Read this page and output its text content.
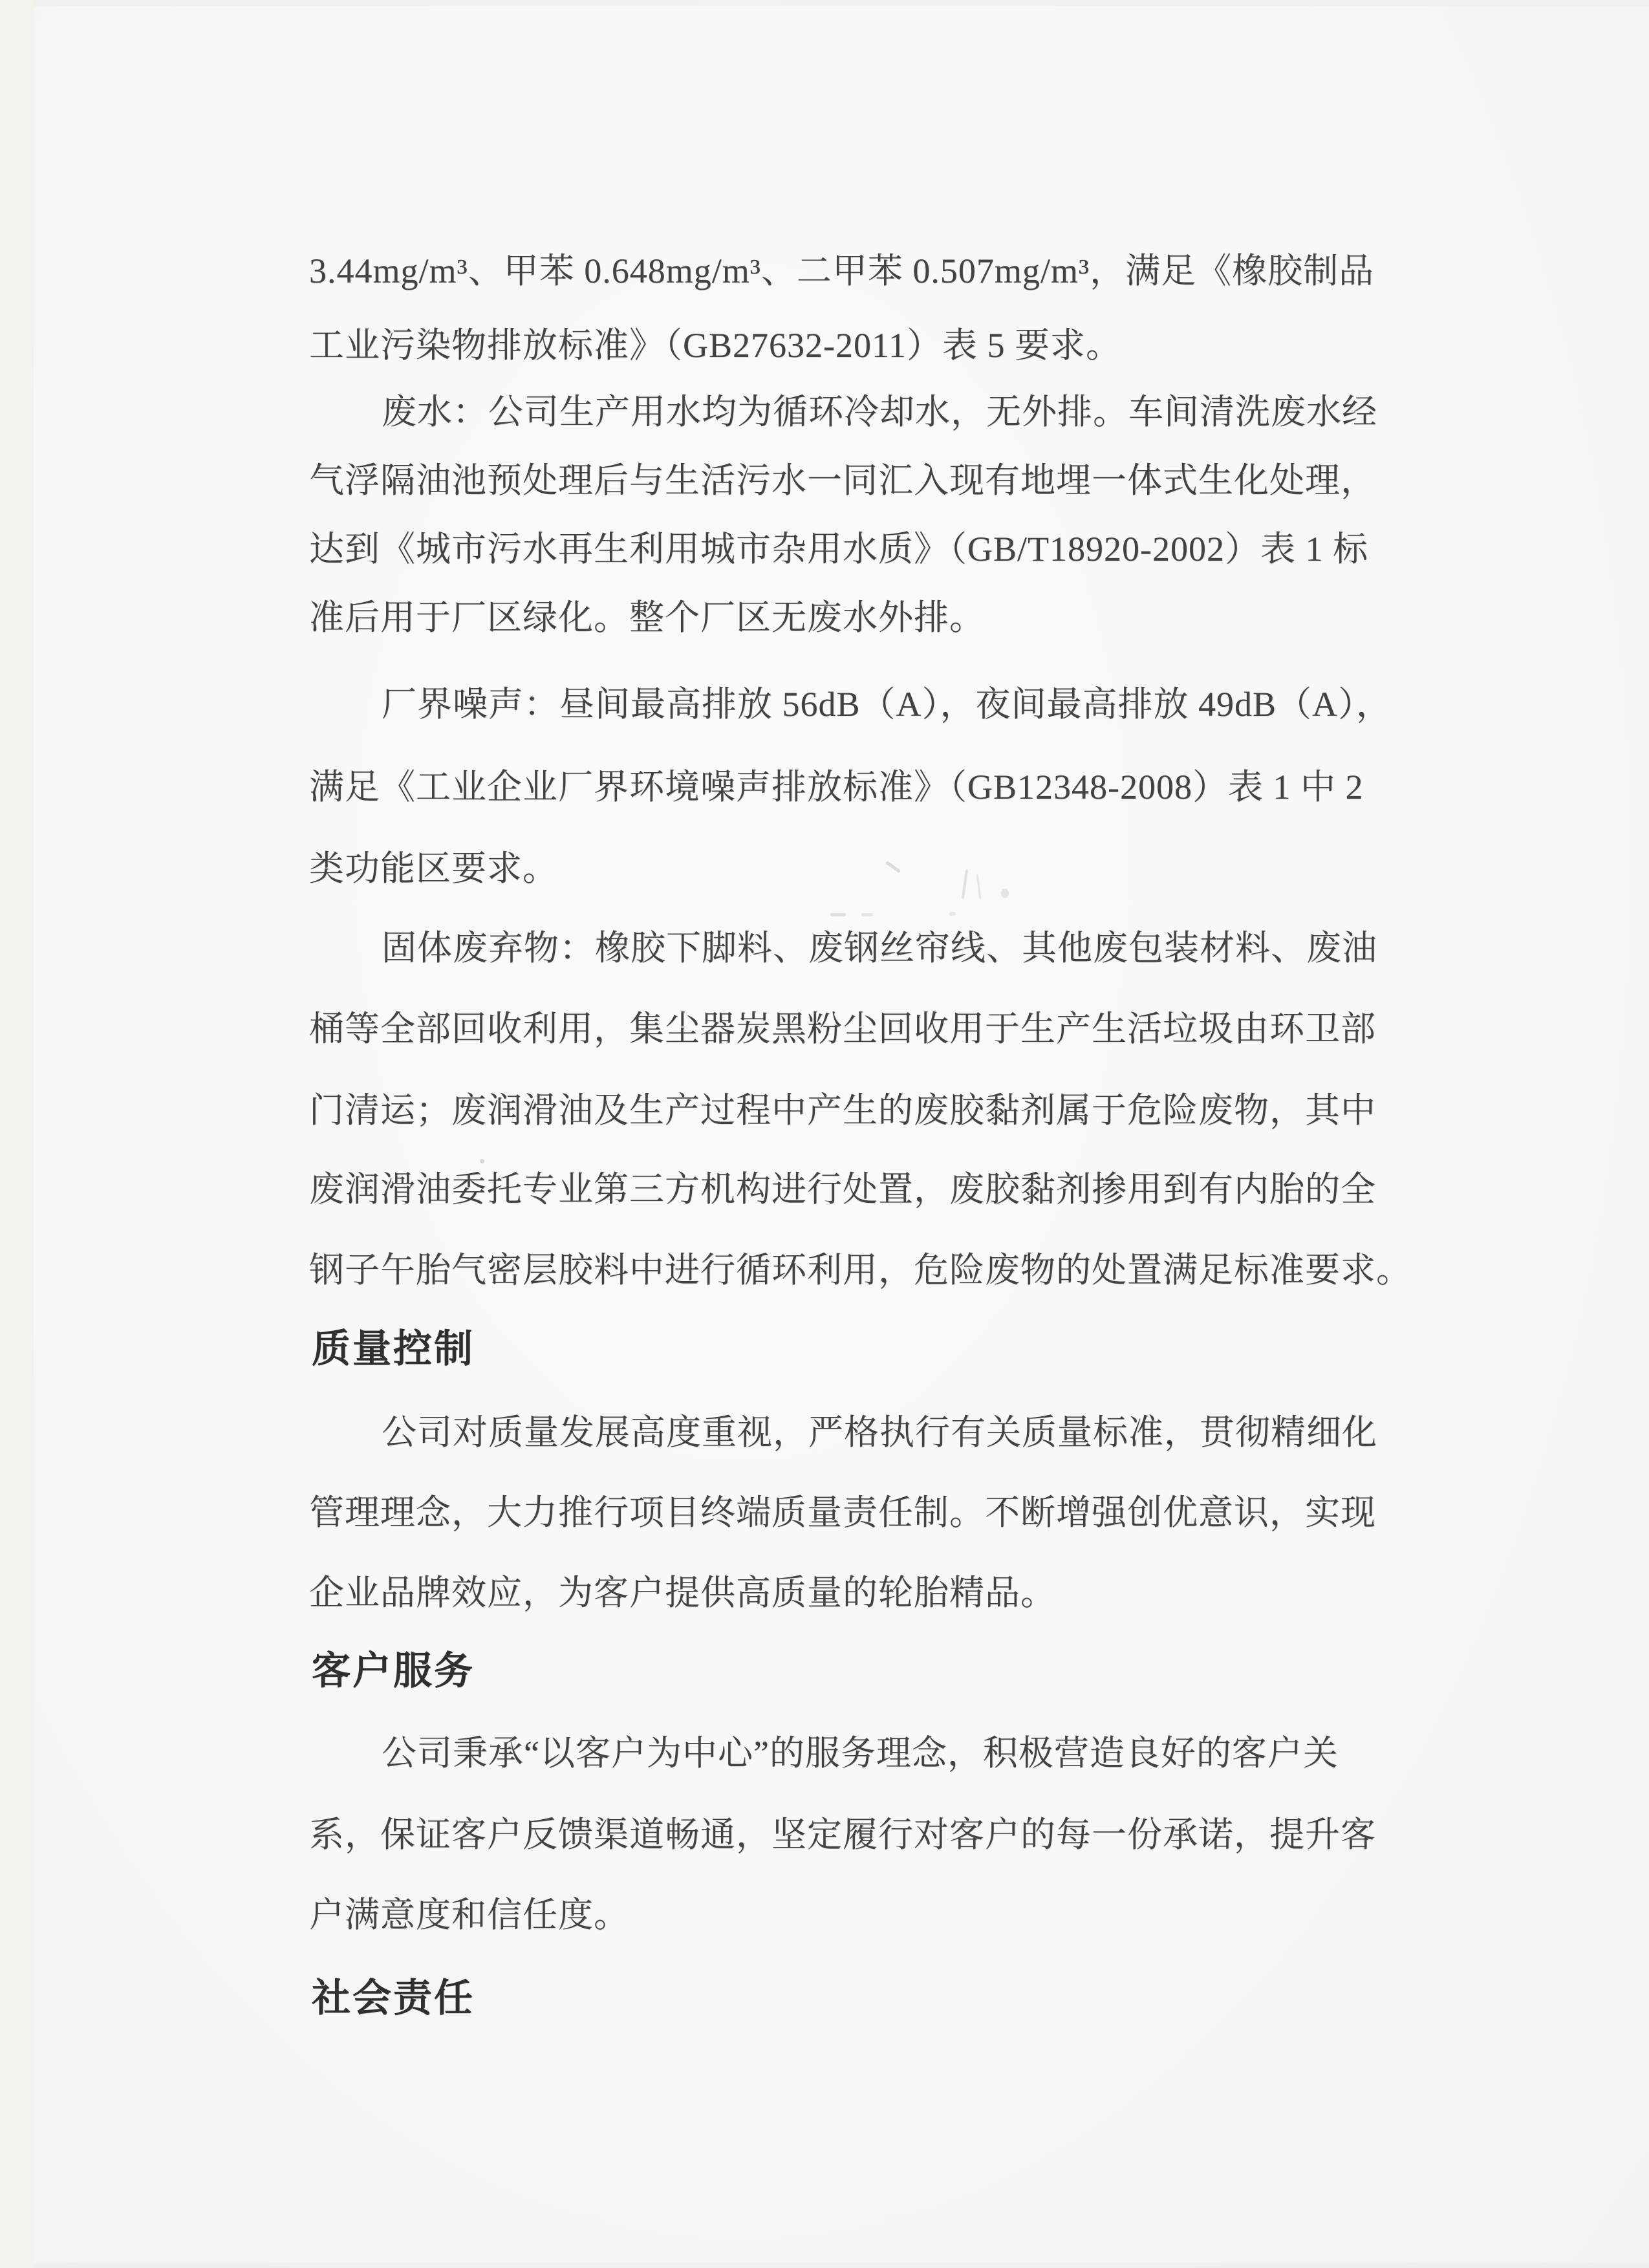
3.44mg/m³、甲苯 0.648mg/m³、二甲苯 0.507mg/m³，满足《橡胶制品

工业污染物排放标准》（GB27632-2011）表 5 要求。

废水：公司生产用水均为循环冷却水，无外排。车间清洗废水经

气浮隔油池预处理后与生活污水一同汇入现有地埋一体式生化处理，

达到《城市污水再生利用城市杂用水质》（GB/T18920-2002）表 1 标

准后用于厂区绿化。整个厂区无废水外排。

厂界噪声：昼间最高排放 56dB（A），夜间最高排放 49dB（A），

满足《工业企业厂界环境噪声排放标准》（GB12348-2008）表 1 中 2

类功能区要求。

固体废弃物：橡胶下脚料、废钢丝帘线、其他废包装材料、废油

桶等全部回收利用，集尘器炭黑粉尘回收用于生产生活垃圾由环卫部

门清运；废润滑油及生产过程中产生的废胶黏剂属于危险废物，其中

废润滑油委托专业第三方机构进行处置，废胶黏剂掺用到有内胎的全

钢子午胎气密层胶料中进行循环利用，危险废物的处置满足标准要求。

质量控制

公司对质量发展高度重视，严格执行有关质量标准，贯彻精细化

管理理念，大力推行项目终端质量责任制。不断增强创优意识，实现

企业品牌效应，为客户提供高质量的轮胎精品。

客户服务

公司秉承“以客户为中心”的服务理念，积极营造良好的客户关

系，保证客户反馈渠道畅通，坚定履行对客户的每一份承诺，提升客

户满意度和信任度。

社会责任
